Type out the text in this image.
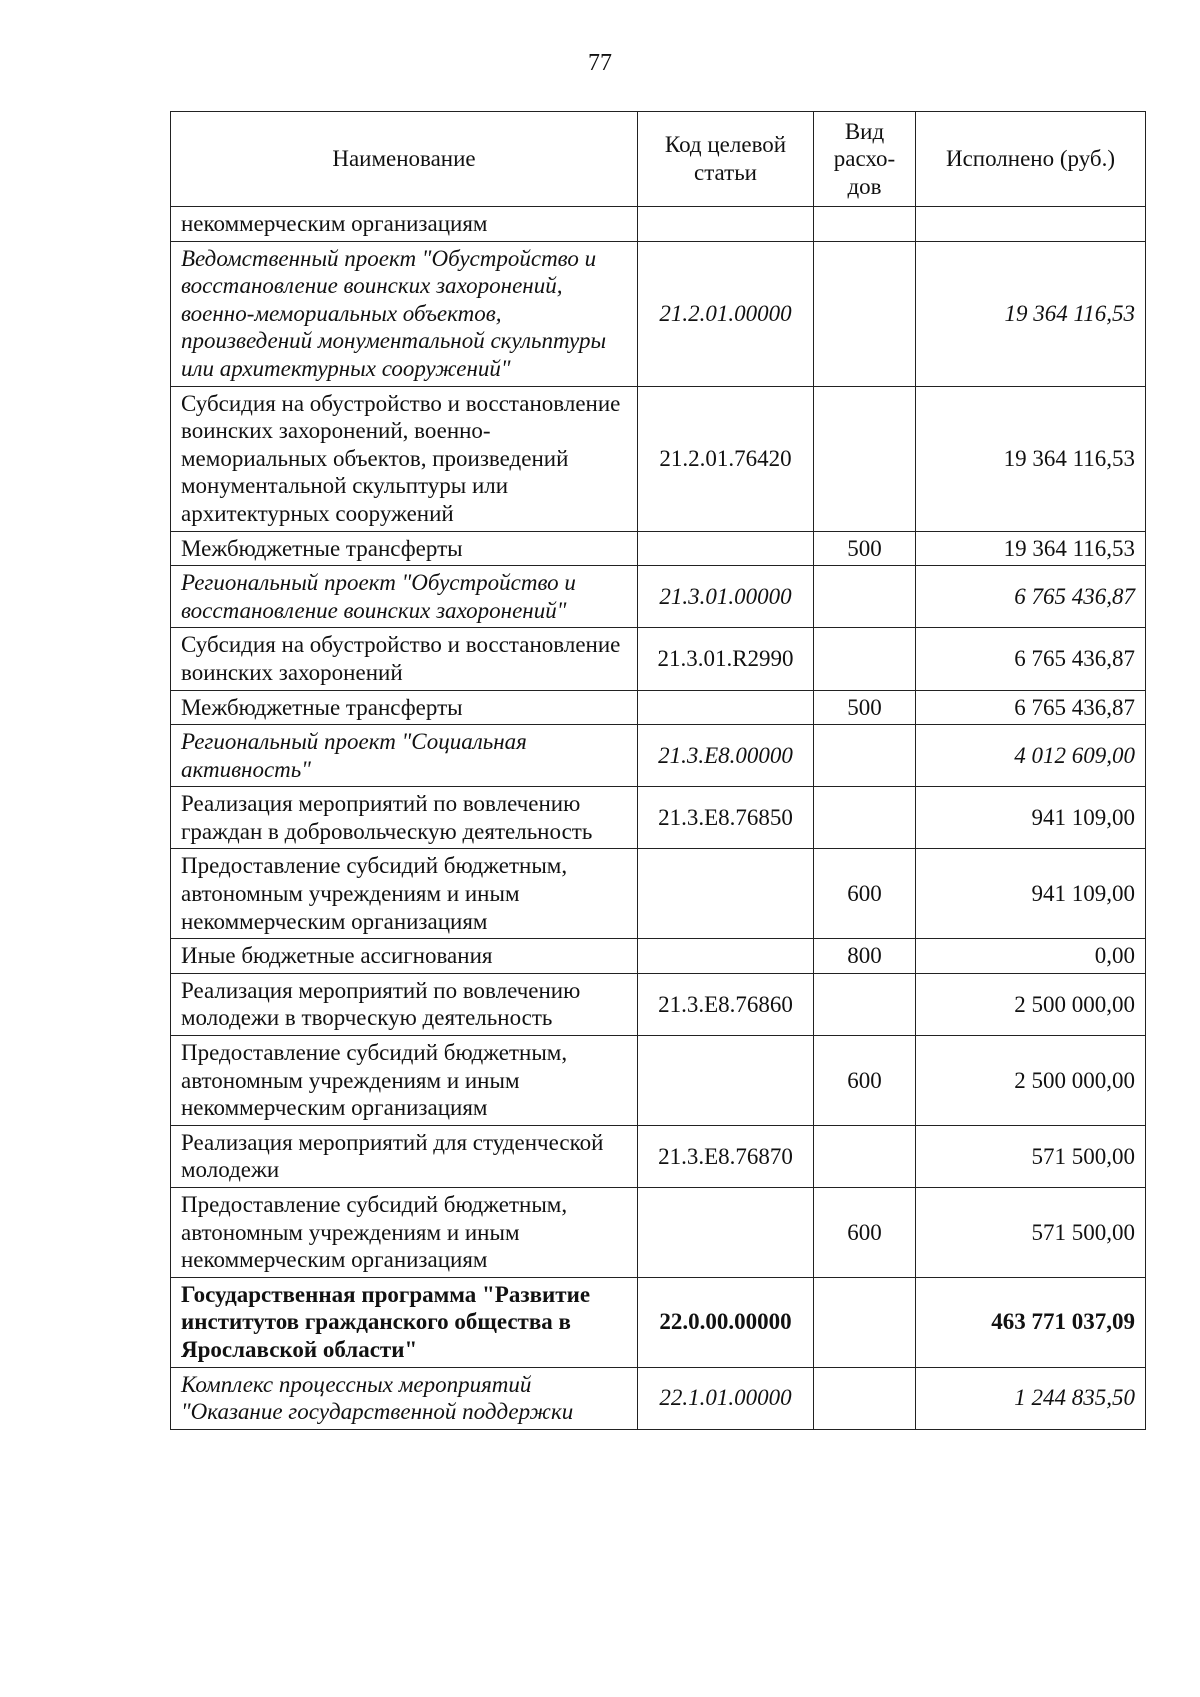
77
Наименование	Код целевой статьи	Вид расхо-дов	Исполнено (руб.)
некоммерческим организациям			
Ведомственный проект "Обустройство и восстановление воинских захоронений, военно-мемориальных объектов, произведений монументальной скульптуры или архитектурных сооружений"	21.2.01.00000		19 364 116,53
Субсидия на обустройство и восстановление воинских захоронений, военно-мемориальных объектов, произведений монументальной скульптуры или архитектурных сооружений	21.2.01.76420		19 364 116,53
Межбюджетные трансферты		500	19 364 116,53
Региональный проект "Обустройство и восстановление воинских захоронений"	21.3.01.00000		6 765 436,87
Субсидия на обустройство и восстановление воинских захоронений	21.3.01.R2990		6 765 436,87
Межбюджетные трансферты		500	6 765 436,87
Региональный проект "Социальная активность"	21.3.E8.00000		4 012 609,00
Реализация мероприятий по вовлечению граждан в добровольческую деятельность	21.3.E8.76850		941 109,00
Предоставление субсидий бюджетным, автономным учреждениям и иным некоммерческим организациям		600	941 109,00
Иные бюджетные ассигнования		800	0,00
Реализация мероприятий по вовлечению молодежи в творческую деятельность	21.3.E8.76860		2 500 000,00
Предоставление субсидий бюджетным, автономным учреждениям и иным некоммерческим организациям		600	2 500 000,00
Реализация мероприятий для студенческой молодежи	21.3.E8.76870		571 500,00
Предоставление субсидий бюджетным, автономным учреждениям и иным некоммерческим организациям		600	571 500,00
Государственная программа "Развитие институтов гражданского общества в Ярославской области"	22.0.00.00000		463 771 037,09
Комплекс процессных мероприятий "Оказание государственной поддержки	22.1.01.00000		1 244 835,50
